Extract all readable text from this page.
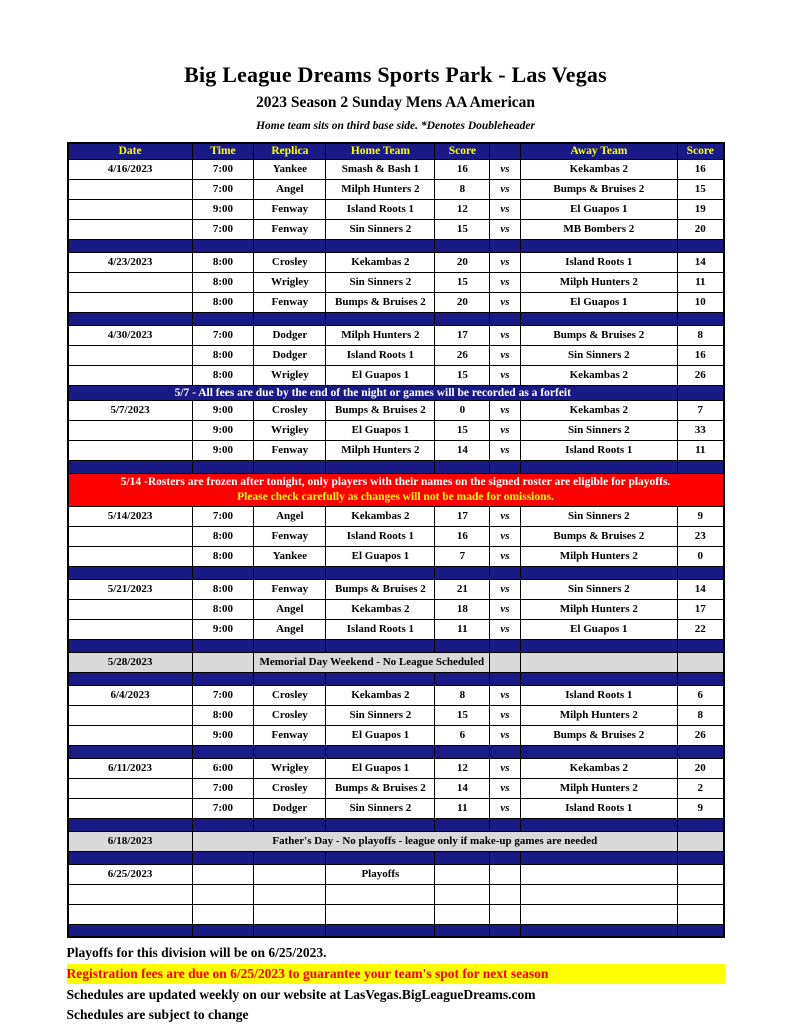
Big League Dreams Sports Park - Las Vegas
2023 Season 2 Sunday Mens AA American
Home team sits on third base side. *Denotes Doubleheader
Date	Time	Replica	Home Team	Score		Away Team	Score
4/16/2023	7:00	Yankee	Smash & Bash 1	16	vs	Kekambas 2	16
	7:00	Angel	Milph Hunters 2	8	vs	Bumps & Bruises 2	15
	9:00	Fenway	Island Roots 1	12	vs	El Guapos 1	19
	7:00	Fenway	Sin Sinners 2	15	vs	MB Bombers 2	20

4/23/2023	8:00	Crosley	Kekambas 2	20	vs	Island Roots 1	14
	8:00	Wrigley	Sin Sinners 2	15	vs	Milph Hunters 2	11
	8:00	Fenway	Bumps & Bruises 2	20	vs	El Guapos 1	10

4/30/2023	7:00	Dodger	Milph Hunters 2	17	vs	Bumps & Bruises 2	8
	8:00	Dodger	Island Roots 1	26	vs	Sin Sinners 2	16
	8:00	Wrigley	El Guapos 1	15	vs	Kekambas 2	26
5/7 - All fees are due by the end of the night or games will be recorded as a forfeit							
5/7/2023	9:00	Crosley	Bumps & Bruises 2	0	vs	Kekambas 2	7
	9:00	Wrigley	El Guapos 1	15	vs	Sin Sinners 2	33
	9:00	Fenway	Milph Hunters 2	14	vs	Island Roots 1	11

5/14 -Rosters are frozen after tonight, only players with their names on the signed roster are eligible for playoffs.
Please check carefully as changes will not be made for omissions.							

5/14/2023	7:00	Angel	Kekambas 2	17	vs	Sin Sinners 2	9
	8:00	Fenway	Island Roots 1	16	vs	Bumps & Bruises 2	23
	8:00	Yankee	El Guapos 1	7	vs	Milph Hunters 2	0

5/21/2023	8:00	Fenway	Bumps & Bruises 2	21	vs	Sin Sinners 2	14
	8:00	Angel	Kekambas 2	18	vs	Milph Hunters 2	17
	9:00	Angel	Island Roots 1	11	vs	El Guapos 1	22

5/28/2023		Memorial Day Weekend - No League Scheduled					

6/4/2023	7:00	Crosley	Kekambas 2	8	vs	Island Roots 1	6
	8:00	Crosley	Sin Sinners 2	15	vs	Milph Hunters 2	8
	9:00	Fenway	El Guapos 1	6	vs	Bumps & Bruises 2	26

6/11/2023	6:00	Wrigley	El Guapos 1	12	vs	Kekambas 2	20
	7:00	Crosley	Bumps & Bruises 2	14	vs	Milph Hunters 2	2
	7:00	Dodger	Sin Sinners 2	11	vs	Island Roots 1	9

6/18/2023	Father's Day - No playoffs - league only if make-up games are needed						

6/25/2023			Playoffs				

Playoffs for this division will be on 6/25/2023.
Registration fees are due on 6/25/2023 to guarantee your team's spot for next season
Schedules are updated weekly on our website at LasVegas.BigLeagueDreams.com
Schedules are subject to change
